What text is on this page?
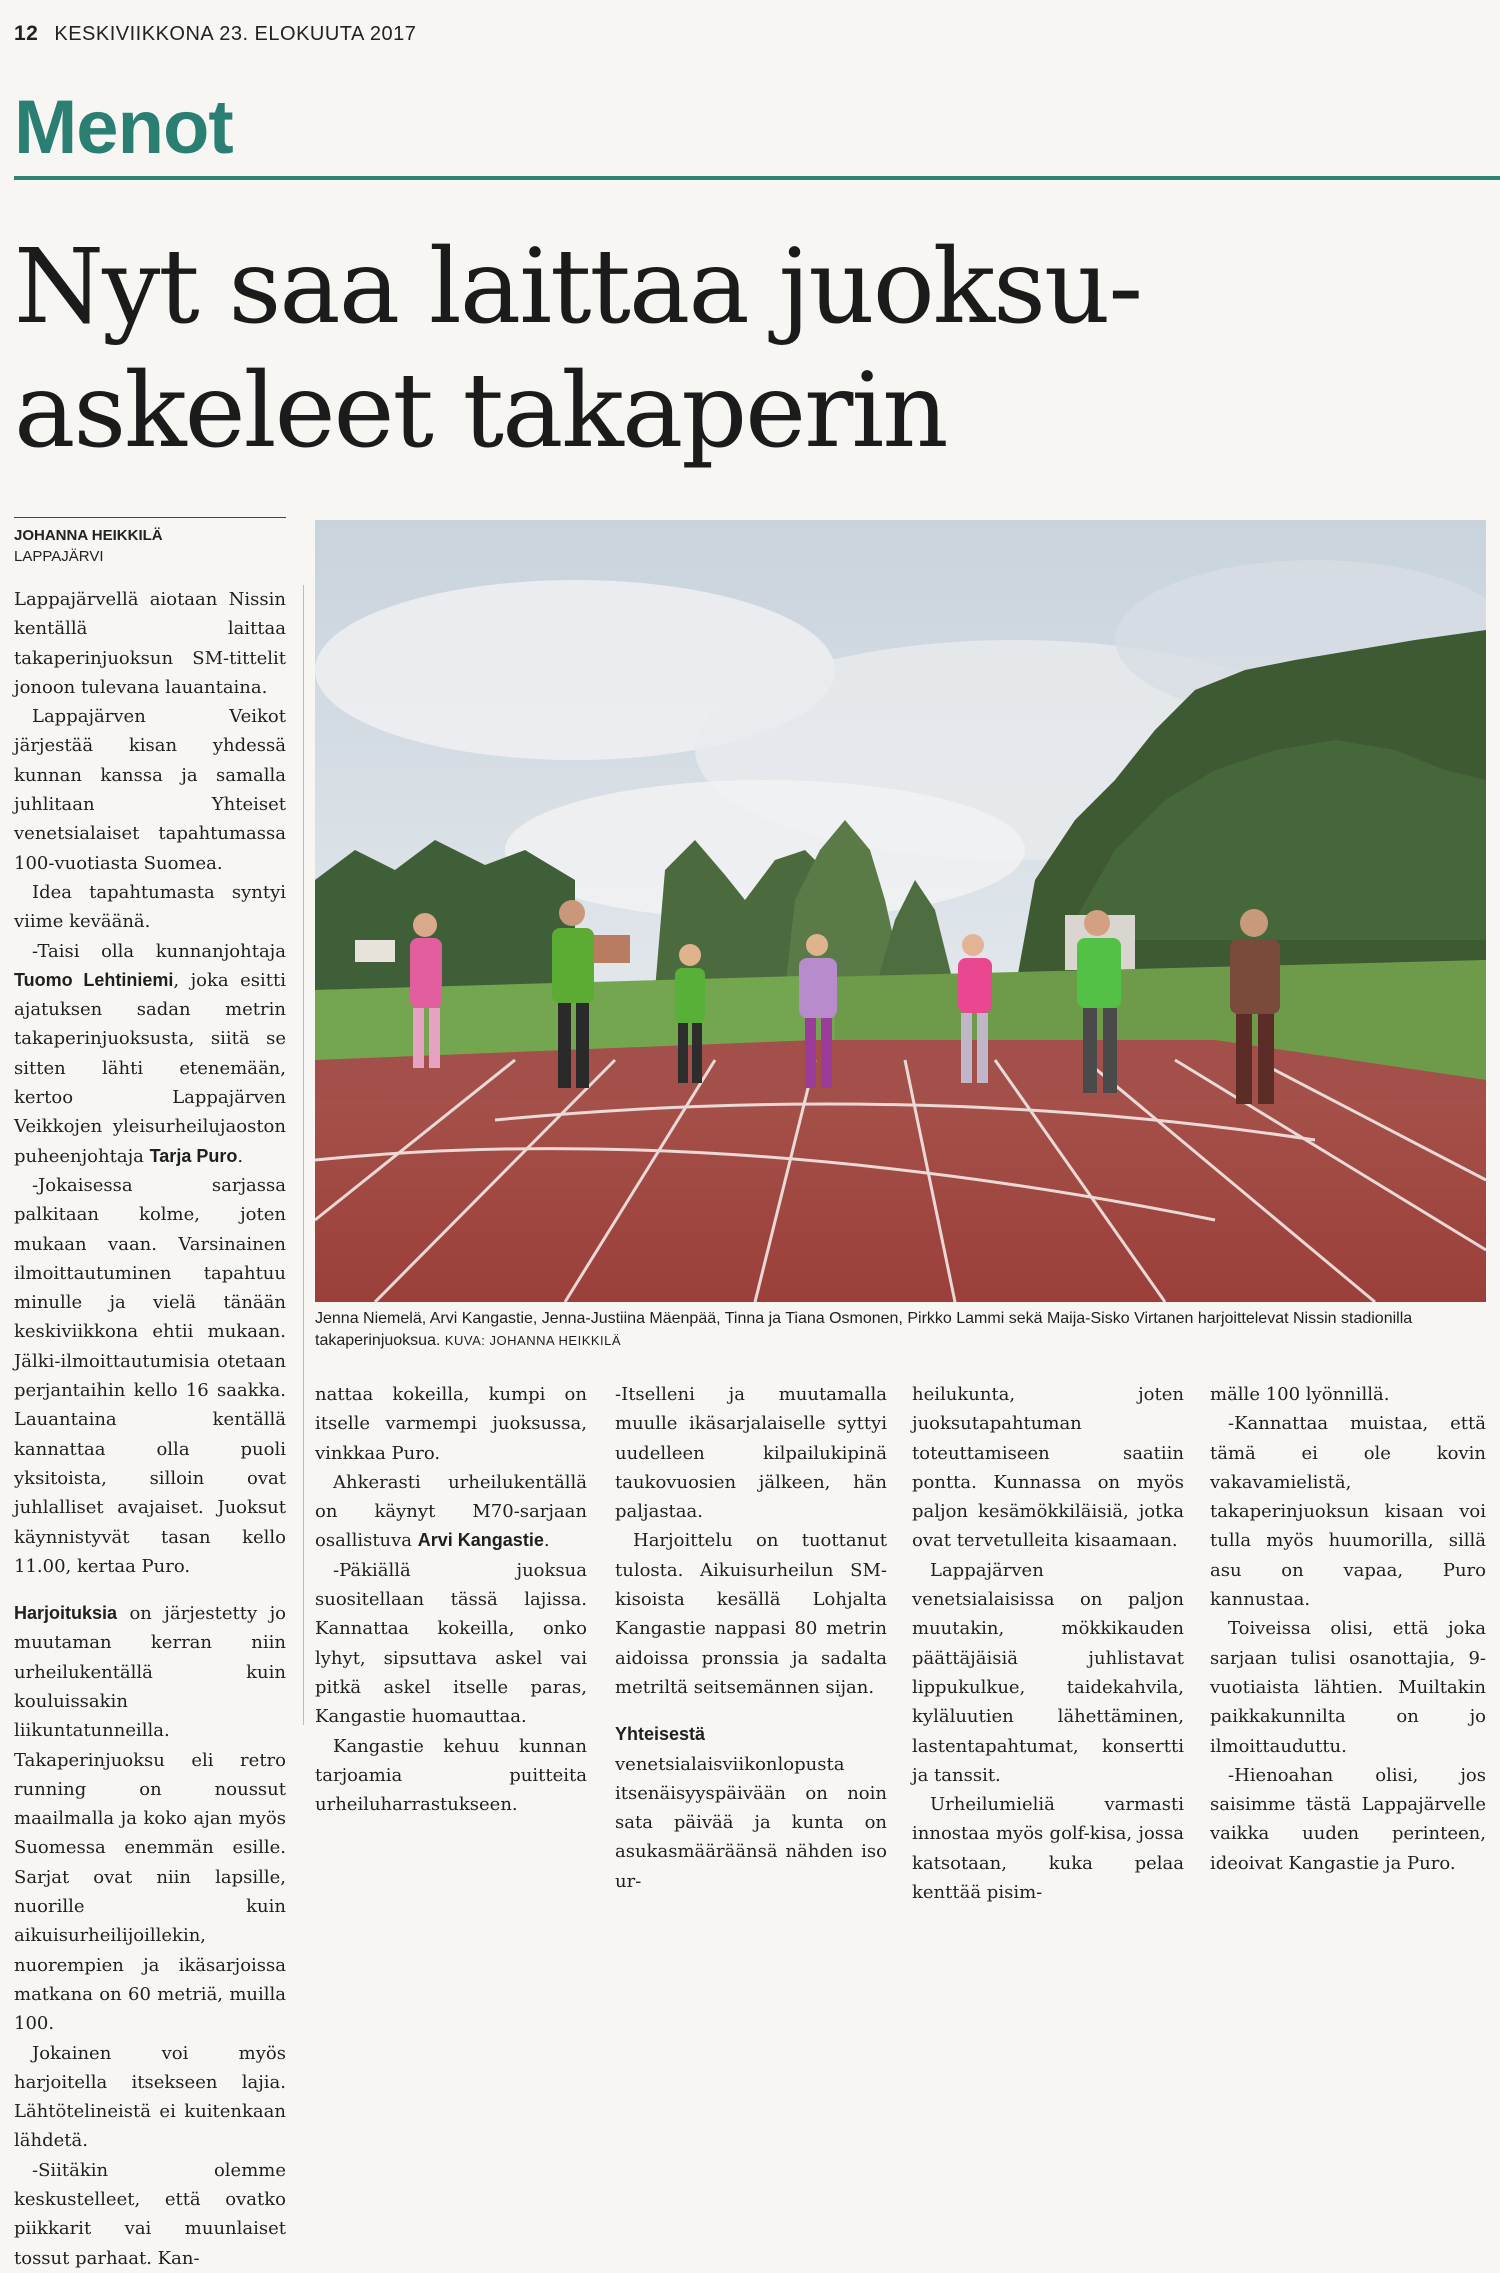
12 KESKIVIIKKONA 23. ELOKUUTA 2017
Menot
Nyt saa laittaa juoksu-
askeleet takaperin
JOHANNA HEIKKILÄ
LAPPAJÄRVI

Lappajärvellä aiotaan Nissin kentällä laittaa takaperinjuoksun SM-tittelit jonoon tulevana lauantaina.

Lappajärven Veikot järjestää kisan yhdessä kunnan kanssa ja samalla juhlitaan Yhteiset venetsialaiset tapahtumassa 100-vuotiasta Suomea.

Idea tapahtumasta syntyi viime keväänä.

-Taisi olla kunnanjohtaja Tuomo Lehtiniemi, joka esitti ajatuksen sadan metrin takaperinjuoksusta, siitä se sitten lähti etenemään, kertoo Lappajärven Veikkojen yleisurheilujaoston puheenjohtaja Tarja Puro.

-Jokaisessa sarjassa palkitaan kolme, joten mukaan vaan. Varsinainen ilmoittautuminen tapahtuu minulle ja vielä tänään keskiviikkona ehtii mukaan. Jälki-ilmoittautumisia otetaan perjantaihin kello 16 saakka. Lauantaina kentällä kannattaa olla puoli yksitoista, silloin ovat juhlalliset avajaiset. Juoksut käynnistyvät tasan kello 11.00, kertaa Puro.

Harjoituksia on järjestetty jo muutaman kerran niin urheilukentällä kuin kouluissakin liikuntatunneilla. Takaperinjuoksu eli retro running on noussut maailmalla ja koko ajan myös Suomessa enemmän esille. Sarjat ovat niin lapsille, nuorille kuin aikuisurheilijoillekin, nuorempien ja ikäsarjoissa matkana on 60 metriä, muilla 100.

Jokainen voi myös harjoitella itsekseen lajia. Lähtötelineistä ei kuitenkaan lähdetä.

-Siitäkin olemme keskustelleet, että ovatko piikkarit vai muunlaiset tossut parhaat. Kan-

Jenna Niemelä, Arvi Kangastie, Jenna-Justiina Mäenpää, Tinna ja Tiana Osmonen, Pirkko Lammi sekä Maija-Sisko Virtanen harjoittelevat Nissin stadionilla takaperinjuoksua. KUVA: JOHANNA HEIKKILÄ

nattaa kokeilla, kumpi on itselle varmempi juoksussa, vinkkaa Puro.

Ahkerasti urheilukentällä on käynyt M70-sarjaan osallistuva Arvi Kangastie.

-Päkiällä juoksua suositellaan tässä lajissa. Kannattaa kokeilla, onko lyhyt, sipsuttava askel vai pitkä askel itselle paras, Kangastie huomauttaa.

Kangastie kehuu kunnan tarjoamia puitteita urheiluharrastukseen.

-Itselleni ja muutamalla muulle ikäsarjalaiselle syttyi uudelleen kilpailukipinä taukovuosien jälkeen, hän paljastaa.

Harjoittelu on tuottanut tulosta. Aikuisurheilun SM-kisoista kesällä Lohjalta Kangastie nappasi 80 metrin aidoissa pronssia ja sadalta metriltä seitsemännen sijan.

Yhteisestä venetsialaisviikonlopusta itsenäisyyspäivään on noin sata päivää ja kunta on asukasmääräänsä nähden iso ur-

heilukunta, joten juoksutapahtuman toteuttamiseen saatiin pontta. Kunnassa on myös paljon kesämökkiläisiä, jotka ovat tervetulleita kisaamaan.

Lappajärven venetsialaisissa on paljon muutakin, mökkikauden päättäjäisiä juhlistavat lippukulkue, taidekahvila, kyläluutien lähettäminen, lastentapahtumat, konsertti ja tanssit.

Urheilumieliä varmasti innostaa myös golf-kisa, jossa katsotaan, kuka pelaa kenttää pisim-

mälle 100 lyönnillä.

-Kannattaa muistaa, että tämä ei ole kovin vakavamielistä, takaperinjuoksun kisaan voi tulla myös huumorilla, sillä asu on vapaa, Puro kannustaa.

Toiveissa olisi, että joka sarjaan tulisi osanottajia, 9-vuotiaista lähtien. Muiltakin paikkakunnilta on jo ilmoittauduttu.

-Hienoahan olisi, jos saisimme tästä Lappajärvelle vaikka uuden perinteen, ideoivat Kangastie ja Puro.
